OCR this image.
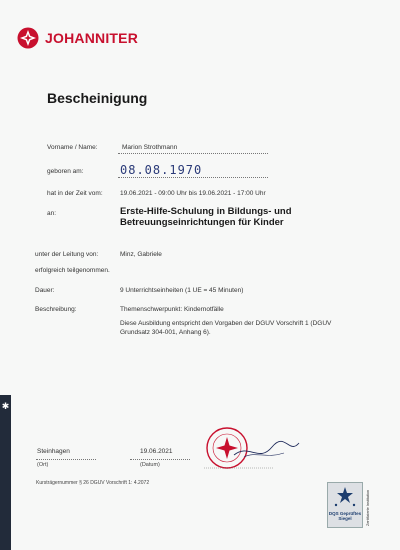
✱
JOHANNITER
Bescheinigung
Vorname / Name:	Marion Strothmann
geboren am:	08.08.1970
hat in der Zeit vom:	19.06.2021 - 09:00 Uhr bis 19.06.2021 - 17:00 Uhr
an:	Erste-Hilfe-Schulung in Bildungs- und Betreuungseinrichtungen für Kinder
unter der Leitung von:	Minz, Gabriele
erfolgreich teilgenommen.
Dauer:	9 Unterrichtseinheiten (1 UE = 45 Minuten)
Beschreibung:	Themenschwerpunkt: Kindernotfälle
Diese Ausbildung entspricht den Vorgaben der DGUV Vorschrift 1 (DGUV Grundsatz 304-001, Anhang 6).
Steinhagen
(Ort)
19.06.2021
(Datum)
Kursträgernummer § 26 DGUV Vorschrift 1: 4.2072
DQS Geprüftes Siegel	Zertifizierte Institution
